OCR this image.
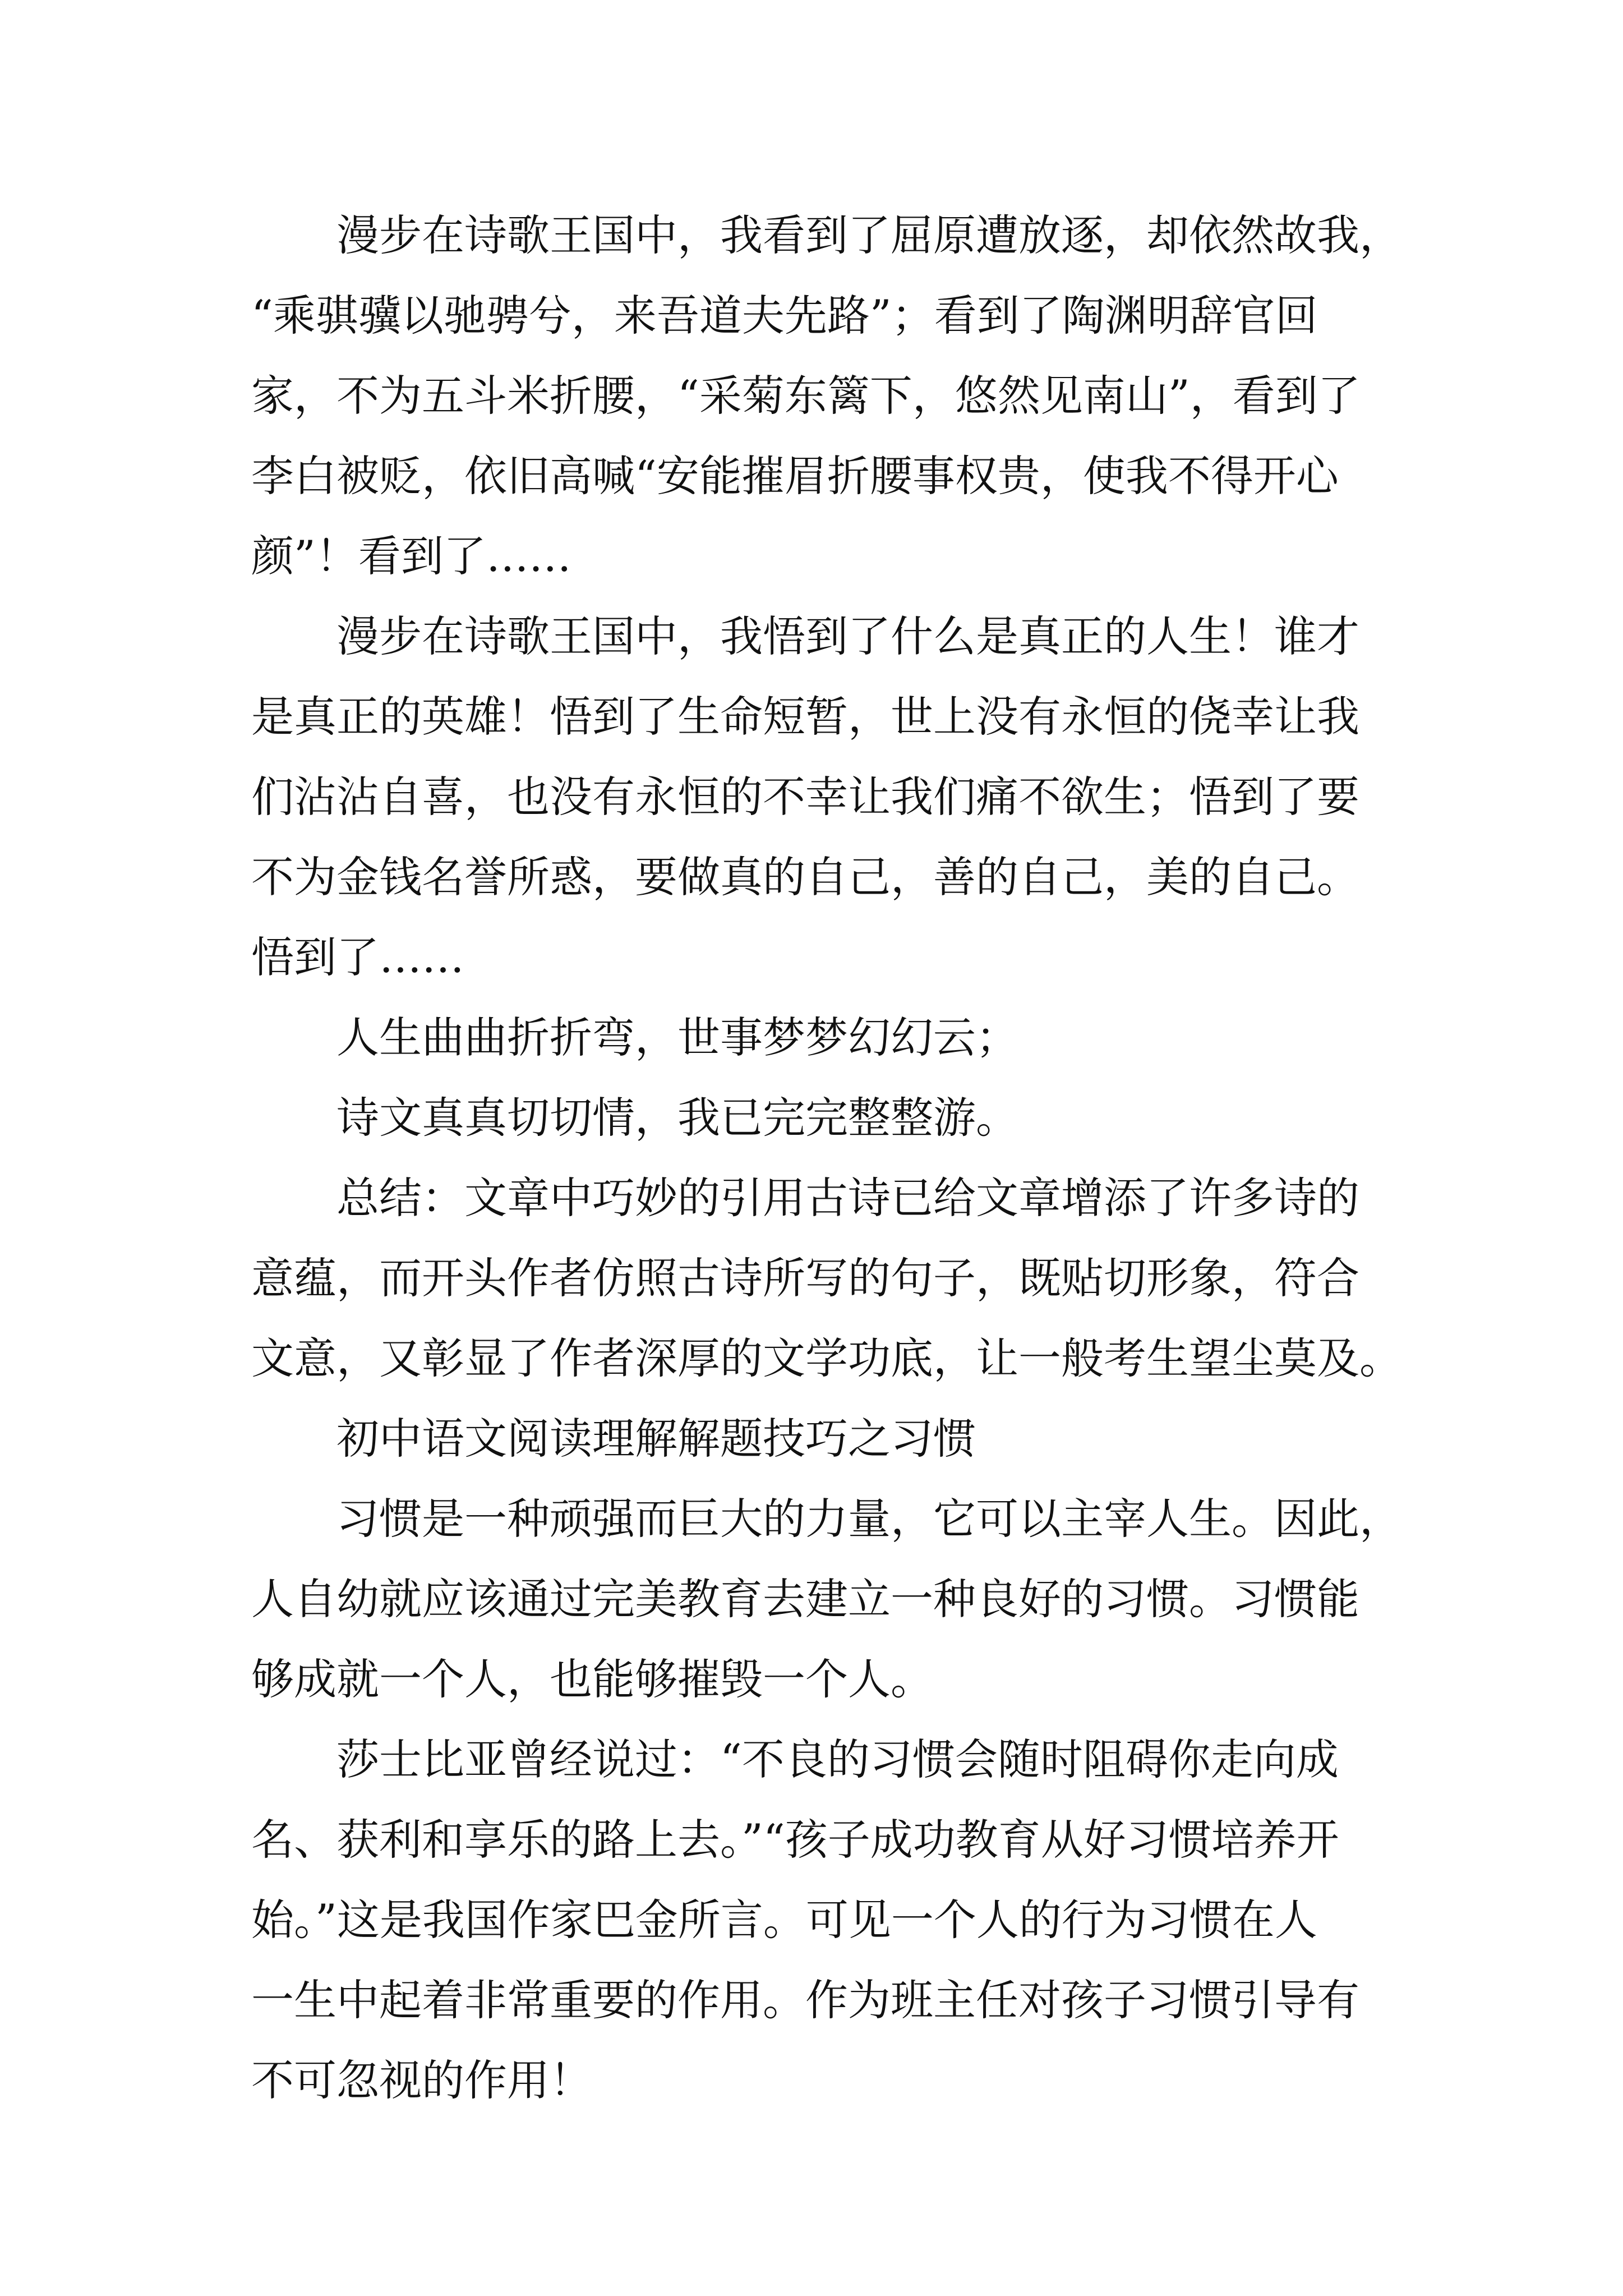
漫步在诗歌王国中，我看到了屈原遭放逐，却依然故我，
“乘骐骥以驰骋兮，来吾道夫先路”；看到了陶渊明辞官回
家，不为五斗米折腰，“采菊东篱下，悠然见南山”，看到了
李白被贬，依旧高喊“安能摧眉折腰事权贵，使我不得开心
颜”！看到了……
漫步在诗歌王国中，我悟到了什么是真正的人生！谁才
是真正的英雄！悟到了生命短暂，世上没有永恒的侥幸让我
们沾沾自喜，也没有永恒的不幸让我们痛不欲生；悟到了要
不为金钱名誉所惑，要做真的自己，善的自己，美的自己。
悟到了……
人生曲曲折折弯，世事梦梦幻幻云；
诗文真真切切情，我已完完整整游。
总结：文章中巧妙的引用古诗已给文章增添了许多诗的
意蕴，而开头作者仿照古诗所写的句子，既贴切形象，符合
文意，又彰显了作者深厚的文学功底，让一般考生望尘莫及。
初中语文阅读理解解题技巧之习惯
习惯是一种顽强而巨大的力量，它可以主宰人生。因此，
人自幼就应该通过完美教育去建立一种良好的习惯。习惯能
够成就一个人，也能够摧毁一个人。
莎士比亚曾经说过：“不良的习惯会随时阻碍你走向成
名、获利和享乐的路上去。”“孩子成功教育从好习惯培养开
始。”这是我国作家巴金所言。可见一个人的行为习惯在人
一生中起着非常重要的作用。作为班主任对孩子习惯引导有
不可忽视的作用！
